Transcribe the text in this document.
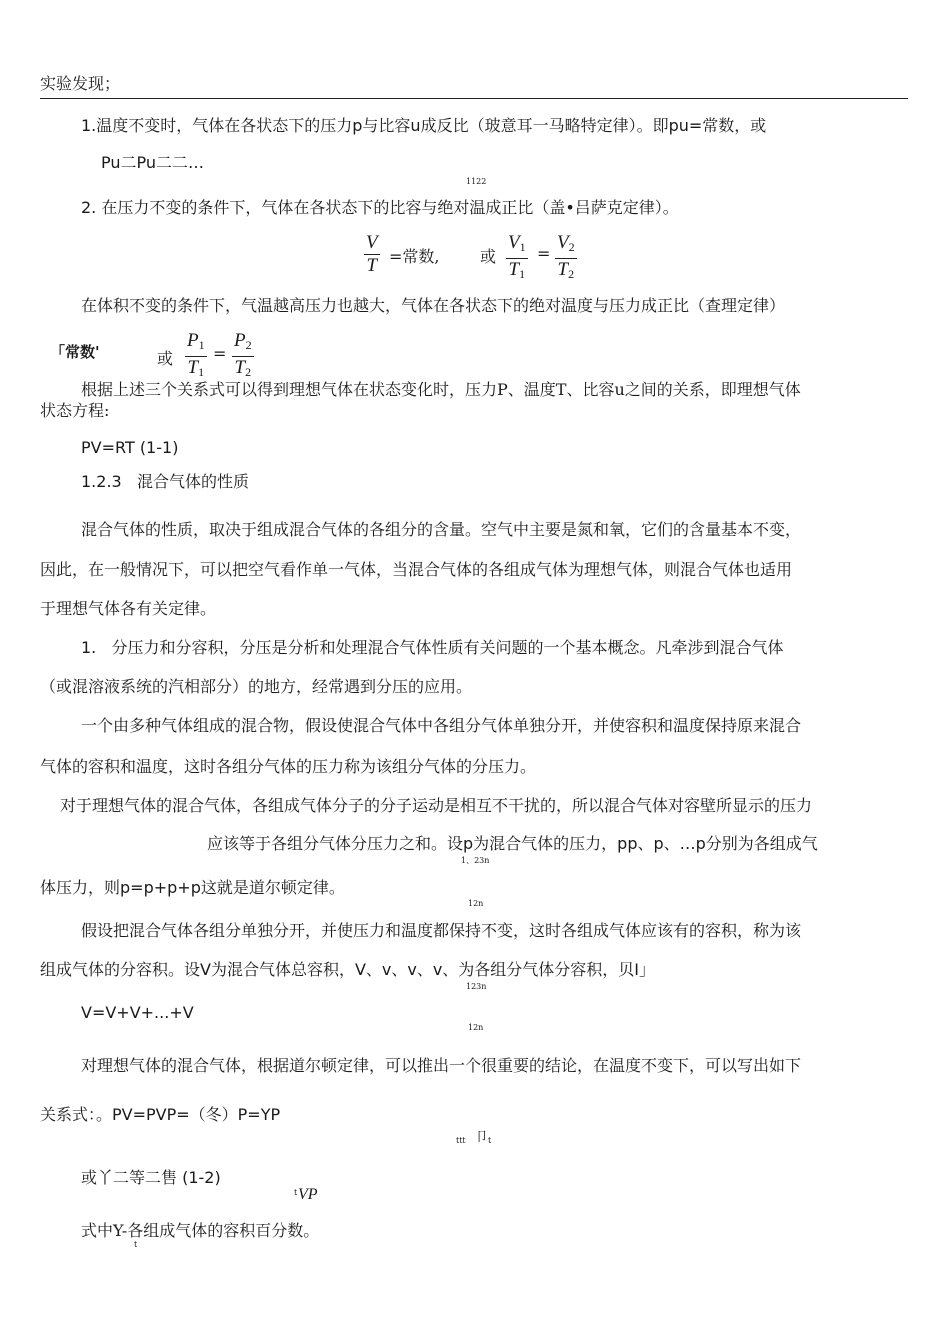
实验发现；
1.温度不变时，气体在各状态下的压力p与比容u成反比（玻意耳一马略特定律）。即pu=常数，或
Pu二Pu二二…
1122
2. 在压力不变的条件下，气体在各状态下的比容与绝对温成正比（盖•吕萨克定律）。
$\frac{V}{T}$ =常数,	或 $\frac{V_1}{T_1} = \frac{V_2}{T_2}$
在体积不变的条件下，气温越高压力也越大，气体在各状态下的绝对温度与压力成正比（查理定律）
「常数'	或 $\frac{P_1}{T_1} = \frac{P_2}{T_2}$
根据上述三个关系式可以得到理想气体在状态变化时，压力P、温度T、比容u之间的关系，即理想气体
状态方程:
PV=RT (1-1)
1.2.3   混合气体的性质
混合气体的性质，取决于组成混合气体的各组分的含量。空气中主要是氮和氧，它们的含量基本不变，
因此，在一般情况下，可以把空气看作单一气体，当混合气体的各组成气体为理想气体，则混合气体也适用
于理想气体各有关定律。
1.   分压力和分容积，分压是分析和处理混合气体性质有关问题的一个基本概念。凡牵涉到混合气体
（或混溶液系统的汽相部分）的地方，经常遇到分压的应用。
一个由多种气体组成的混合物，假设使混合气体中各组分气体单独分开，并使容积和温度保持原来混合
气体的容积和温度，这时各组分气体的压力称为该组分气体的分压力。
对于理想气体的混合气体，各组成气体分子的分子运动是相互不干扰的，所以混合气体对容壁所显示的压力
应该等于各组分气体分压力之和。设p为混合气体的压力，pp、p、…p分别为各组成气
1、23n
体压力，则p=p+p+p这就是道尔顿定律。
12n
假设把混合气体各组分单独分开，并使压力和温度都保持不变，这时各组成气体应该有的容积，称为该
组成气体的分容积。设V为混合气体总容积，V、v、v、v、为各组分气体分容积，贝I」
123n
V=V+V+...+V
12n
对理想气体的混合气体，根据道尔顿定律，可以推出一个很重要的结论，在温度不变下，可以写出如下
关系式：。PV=PVP=（冬）P=YP
ttt 卩 t
或丫二等二售 (1-2)
t VP
式中Y-各组成气体的容积百分数。
t
